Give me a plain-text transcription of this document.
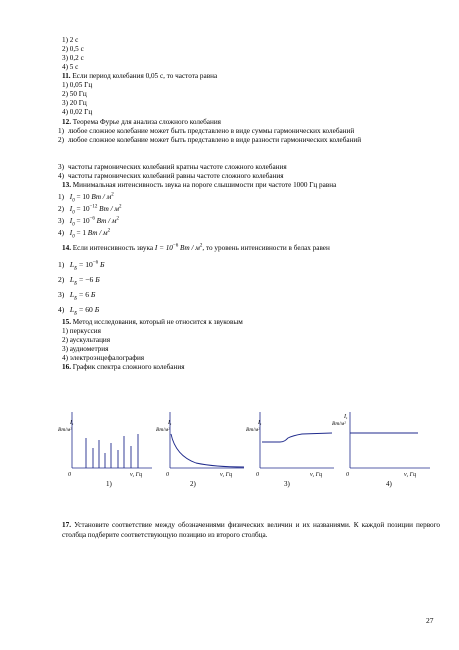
1) 2 с
2) 0,5 с
3) 0,2 с
4) 5 с
11. Если период колебания 0,05 с, то частота равна
1) 0,05 Гц
2) 50 Гц
3) 20 Гц
4) 0,02 Гц
12. Теорема Фурье для анализа сложного колебания
1) любое сложное колебание может быть представлено в виде суммы гармонических колебаний
2) любое сложное колебание может быть представлено в виде разности гармонических колебаний
3) частоты гармонических колебаний кратны частоте сложного колебания
4) частоты гармонических колебаний равны частоте сложного колебания
13. Минимальная интенсивность звука на пороге слышимости при частоте 1000 Гц равна
1) $I_0 = 10$ Вт / $м^2$
2) $I_0 = 10^{-12}$ Вт / $м^2$
3) $I_0 = 10^{-6}$ Вт / $м^2$
4) $I_0 = 1$ Вт / $м^2$
14. Если интенсивность звука $I = 10^{-6}$ Вт / $м^2$, то уровень интенсивности в белах равен
1) $L_Б = 10^{-6}$ Б
2) $L_Б = -6$ Б
3) $L_Б = 6$ Б
4) $L_Б = 60$ Б
15. Метод исследования, который не относится к звуковым
1) перкуссия
2) аускультация
3) аудиометрия
4) электроэнцефалография
16. График спектра сложного колебания
I,
Вт/м²
0	ν, Гц
1)
I,
Вт/м²
0	ν, Гц
2)
I,
Вт/м²
0	ν, Гц
3)
I,
Вт/м²
0	ν, Гц
4)
17. Установите соответствие между обозначениями физических величин и их названиями. К каждой позиции первого столбца подберите соответствующую позицию из второго столбца.
27
